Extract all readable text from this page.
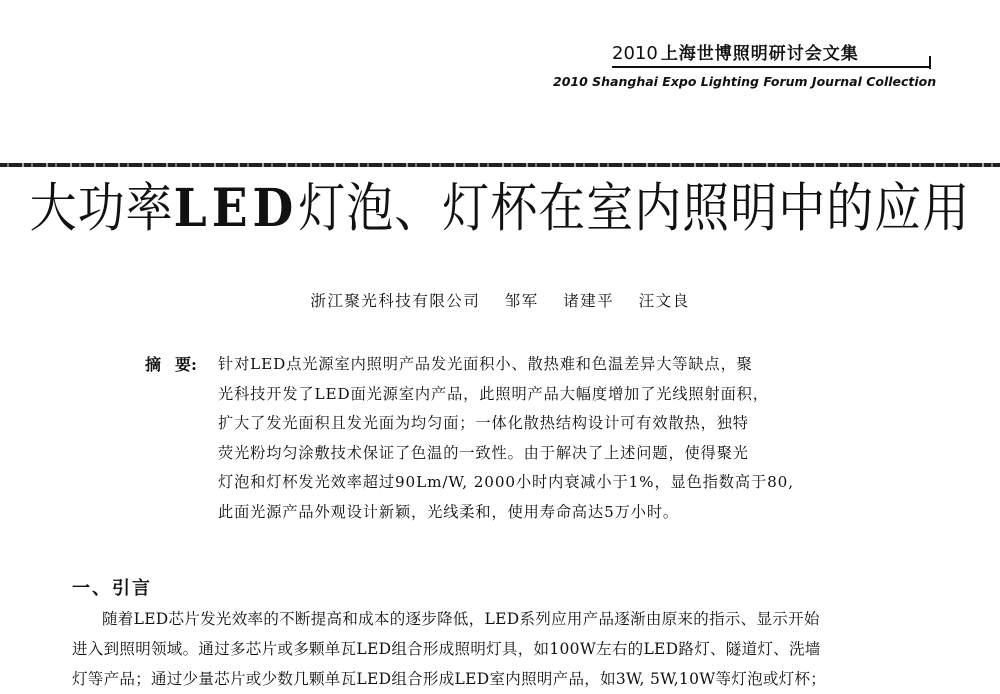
2010 上海世博照明研讨会文集
2010 Shanghai Expo Lighting Forum Journal Collection
大功率LED灯泡、灯杯在室内照明中的应用
浙江聚光科技有限公司 邹军 诸建平 汪文良
摘 要: 针对LED点光源室内照明产品发光面积小、散热难和色温差异大等缺点，聚
光科技开发了LED面光源室内产品，此照明产品大幅度增加了光线照射面积，
扩大了发光面积且发光面为均匀面；一体化散热结构设计可有效散热，独特
荧光粉均匀涂敷技术保证了色温的一致性。由于解决了上述问题，使得聚光
灯泡和灯杯发光效率超过90Lm/W, 2000小时内衰减小于1%，显色指数高于80,
此面光源产品外观设计新颖，光线柔和，使用寿命高达5万小时。
一、引言
随着LED芯片发光效率的不断提高和成本的逐步降低，LED系列应用产品逐渐由原来的指示、显示开始
进入到照明领域。通过多芯片或多颗单瓦LED组合形成照明灯具，如100W左右的LED路灯、隧道灯、洗墙
灯等产品；通过少量芯片或少数几颗单瓦LED组合形成LED室内照明产品，如3W, 5W,10W等灯泡或灯杯；
